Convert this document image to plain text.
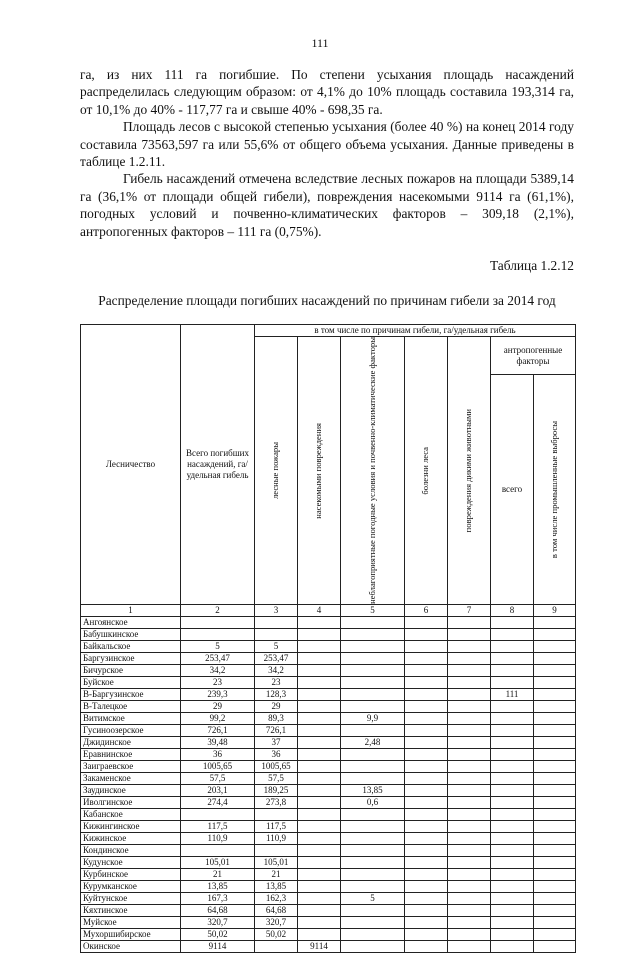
111

га, из них 111 га погибшие. По степени усыхания площадь насаждений распределилась следующим образом: от 4,1% до 10% площадь составила 193,314 га, от 10,1% до 40% - 117,77 га и свыше 40% - 698,35 га.

Площадь лесов с высокой степенью усыхания (более 40 %) на конец 2014 году составила 73563,597 га или 55,6% от общего объема усыхания. Данные приведены в таблице 1.2.11.

Гибель насаждений отмечена вследствие лесных пожаров на площади 5389,14 га (36,1% от площади общей гибели), повреждения насекомыми 9114 га (61,1%), погодных условий и почвенно-климатических факторов – 309,18 (2,1%), антропогенных факторов – 111 га (0,75%).

Таблица 1.2.12
Распределение площади погибших насаждений по причинам гибели за 2014 год
Лесничество	Всего погибших насаждений, га/удельная гибель	в том числе по причинам гибели, га/удельная гибель						

		лесные пожары	насекомыми повреждения	неблагоприятные погодные условия и почвенно-климатические факторы	болезни леса	повреждения дикими животными	антропогенные факторы	
							всего	в том числе промышленные выбросы

1	2	3	4	5	6	7	8	9
Ангоянское								
Бабушкинское								
Байкальское	5	5						
Баргузинское	253,47	253,47						
Бичурское	34,2	34,2						
Буйское	23	23						
В-Баргузинское	239,3	128,3					111	
В-Талецкое	29	29						
Витимское	99,2	89,3		9,9				
Гусиноозерское	726,1	726,1						
Джидинское	39,48	37		2,48				
Еравнинское	36	36						
Заиграевское	1005,65	1005,65						
Закаменское	57,5	57,5						
Заудинское	203,1	189,25		13,85				
Иволгинское	274,4	273,8		0,6				
Кабанское								
Кижингинское	117,5	117,5						
Кижинское	110,9	110,9						
Кондинское								
Кудунское	105,01	105,01						
Курбинское	21	21						
Курумканское	13,85	13,85						
Куйтунское	167,3	162,3		5				
Кяхтинское	64,68	64,68						
Муйское	320,7	320,7						
Мухоршибирское	50,02	50,02						
Окинское	9114		9114					
